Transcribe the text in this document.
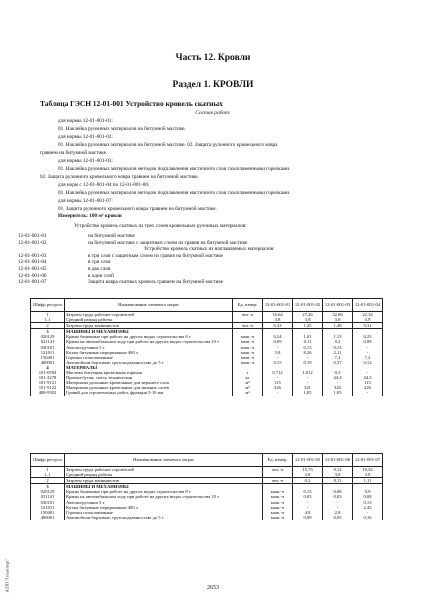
Часть 12. Кровли
Раздел 1. КРОВЛИ
Таблица ГЭСН 12-01-001 Устройство кровель скатных
Состав работ:
для нормы 12-01-001-01:
01. Наклейка рулонных материалов на битумной мастике.
для нормы 12-01-001-02:
01. Наклейка рулонных материалов на битумной мастике. 02. Защита рулонного кровельного ковра
гравием на битумной мастике.
для нормы 12-01-001-03:
01. Наклейка рулонных материалов методом подплавления мастичного слоя газопламенными горелками.
02. Защита рулонного кровельного ковра гравием на битумной мастике.
для норм с 12-01-001-04 по 12-01-001-06:
01. Наклейка рулонных материалов методом подплавления мастичного слоя газопламенными горелками.
для нормы 12-01-001-07:
01. Защита рулонного кровельного ковра гравием на битумной мастике.
Измеритель: 100 м² кровли
Устройство кровель скатных из трех слоев кровельных рулонных материалов:
12-01-001-01	на битумной мастике
12-01-001-02	на битумной мастике с защитным слоем из гравия на битумной мастике
Устройство кровель скатных из наплавляемых материалов:
12-01-001-03	в три слоя с защитным слоем из гравия на битумной мастике
12-01-001-04	в три слоя
12-01-001-05	в два слоя
12-01-001-06	в один слой
12-01-001-07	Защита ковра скатных кровель гравием на битумной мастике
Шифр ресурса	Наименование элемента затрат	Ед. измер.	12-01-001-01	12-01-001-02	12-01-001-03	12-01-001-04
1	Затраты труда рабочих-строителей	чел.-ч	16,64	27,26	32,66	22,34
1.1	Средний разряд работы		3,8	3,8	3,8	3,8
2	Затраты труда машинистов	чел.-ч	0,33	1,25	1,48	0,31
3	МАШИНЫ И МЕХАНИЗМЫ					
020129	Краны башенные при работе на других видах строительства 8 т	маш.-ч	0,24	1,01	1,15	0,23
021141	Краны на автомобильном ходу при работе на других видах строительства 10 т	маш.-ч	0,09	0,11	0,2	0,08
030101	Автопогрузчики 5 т	маш.-ч	-	0,13	0,13	-
121011	Котлы битумные передвижные 400 л	маш.-ч	5,8	8,26	2,11	-
150401	Горелки газопламенные	маш.-ч	-	-	7,2	7,2
400001	Автомобили бортовые, грузоподъемностью до 5 т	маш.-ч	0,15	0,19	0,37	0,12
4	МАТЕРИАЛЫ					
101-0594	Мастика битумная кровельная горячая	т	0,712	1,012	0,3	-
101-2278	Пропан-бутан, смесь техническая	кг	-	-	44,3	44,3
101-9121	Материалы рулонные кровельные для верхнего слоя	м²	115	-	-	115
101-9122	Материалы рулонные кровельные для нижних слоев	м²	226	341	345	226
408-9302	Гравий для строительных работ, фракция 5-10 мм	м³	-	1,05	1,05	-
Шифр ресурса	Наименование элемента затрат	Ед. измер.	12-01-001-05	12-01-001-06	12-01-001-07
1	Затраты труда рабочих-строителей	чел.-ч	15,73	9,12	10,32
1.1	Средний разряд работы		3,8	3,8	3,8
2	Затраты труда машинистов	чел.-ч	0,2	0,11	1,11
3	МАШИНЫ И МЕХАНИЗМЫ				
020129	Краны башенные при работе на других видах строительства 8 т	маш.-ч	0,15	0,08	0,9
021141	Краны на автомобильном ходу при работе на других видах строительства 10 т	маш.-ч	0,05	0,03	0,08
030101	Автопогрузчики 5 т	маш.-ч	-	-	0,13
121011	Котлы битумные передвижные 400 л	маш.-ч	-	-	2,45
150401	Горелки газопламенные	маш.-ч	4,8	2,8	-
400001	Автомобили бортовые, грузоподъемностью до 5 т	маш.-ч	0,09	0,05	0,16
ЗСПП "Техэксперт"	2653
